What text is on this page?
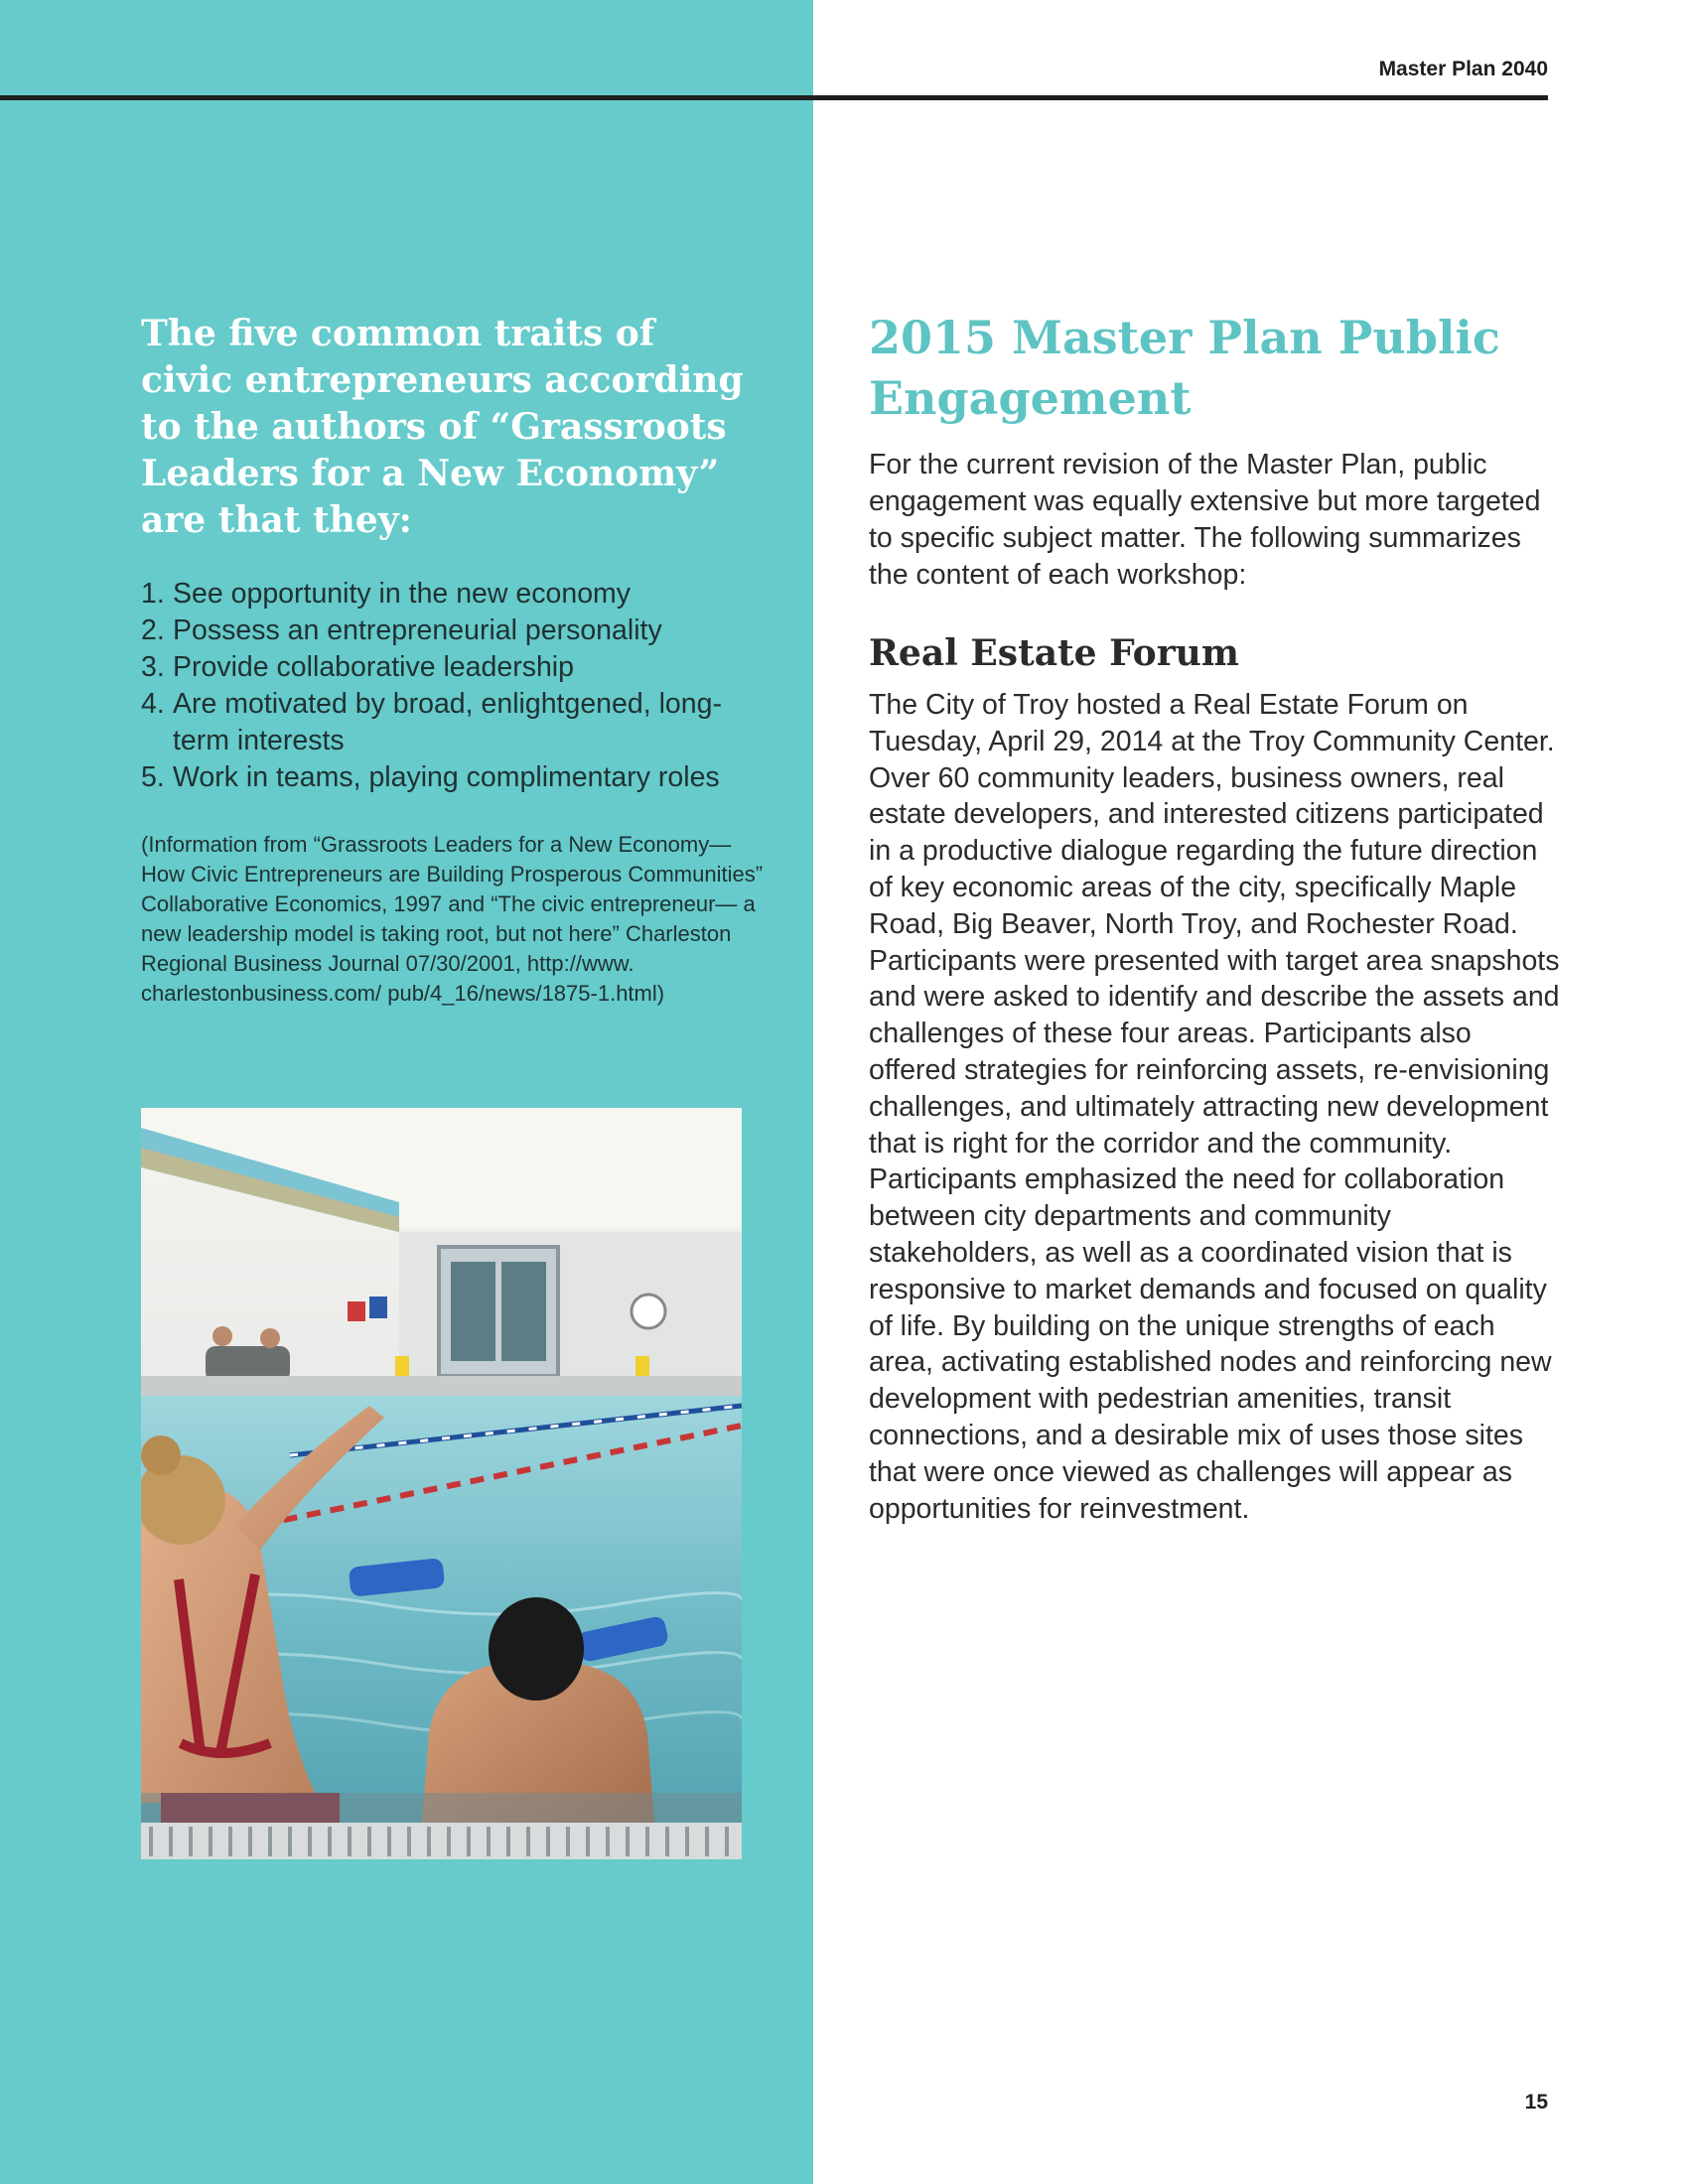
Master Plan 2040
The five common traits of civic entrepreneurs according to the authors of “Grassroots Leaders for a New Economy” are that they:
1. See opportunity in the new economy
2. Possess an entrepreneurial personality
3. Provide collaborative leadership
4. Are motivated by broad, enlightgened, long-term interests
5. Work in teams, playing complimentary roles

(Information from “Grassroots Leaders for a New Economy— How Civic Entrepreneurs are Building Prosperous Communities” Collaborative Economics, 1997 and “The civic entrepreneur— a new leadership model is taking root, but not here” Charleston Regional Business Journal 07/30/2001, http://www. charlestonbusiness.com/ pub/4_16/news/1875-1.html)

2015 Master Plan Public Engagement

For the current revision of the Master Plan, public engagement was equally extensive but more targeted to specific subject matter. The following summarizes the content of each workshop:

Real Estate Forum

The City of Troy hosted a Real Estate Forum on Tuesday, April 29, 2014 at the Troy Community Center. Over 60 community leaders, business owners, real estate developers, and interested citizens participated in a productive dialogue regarding the future direction of key economic areas of the city, specifically Maple Road, Big Beaver, North Troy, and Rochester Road. Participants were presented with target area snapshots and were asked to identify and describe the assets and challenges of these four areas. Participants also offered strategies for reinforcing assets, re-envisioning challenges, and ultimately attracting new development that is right for the corridor and the community. Participants emphasized the need for collaboration between city departments and community stakeholders, as well as a coordinated vision that is responsive to market demands and focused on quality of life. By building on the unique strengths of each area, activating established nodes and reinforcing new development with pedestrian amenities, transit connections, and a desirable mix of uses those sites that were once viewed as challenges will appear as opportunities for reinvestment.

15
